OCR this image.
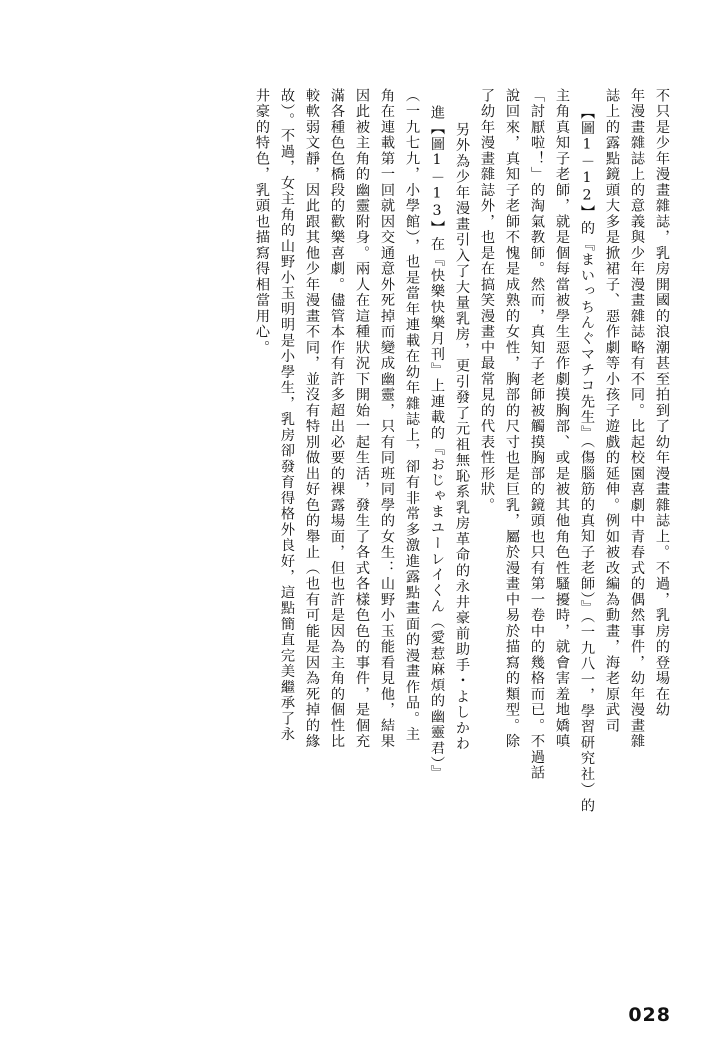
不只是少年漫畫雜誌，乳房開國的浪潮甚至拍到了幼年漫畫雜誌上。不過，乳房的登場在幼
年漫畫雜誌上的意義與少年漫畫雜誌略有不同。比起校園喜劇中青春式的偶然事件，幼年漫畫雜
誌上的露點鏡頭大多是掀裙子、惡作劇等小孩子遊戲的延伸。例如被改編為動畫，海老原武司
【圖1－12】的『まいっちんぐマチコ先生』（傷腦筋的真知子老師）』（一九八一，學習研究社）的
主角真知子老師，就是個每當被學生惡作劇摸胸部、或是被其他角色性騷擾時，就會害羞地嬌嗔
「討厭啦！」的淘氣教師。然而，真知子老師被觸摸胸部的鏡頭也只有第一卷中的幾格而已。不過話
說回來，真知子老師不愧是成熟的女性，胸部的尺寸也是巨乳，屬於漫畫中易於描寫的類型。除
了幼年漫畫雜誌外，也是在搞笑漫畫中最常見的代表性形狀。
另外為少年漫畫引入了大量乳房，更引發了元祖無恥系乳房革命的永井豪前助手・よしかわ
進【圖1－13】在『快樂快樂月刊』上連載的『おじゃまユーレイくん（愛惹麻煩的幽靈君）』
（一九七九，小學館），也是當年連載在幼年雜誌上，卻有非常多激進露點畫面的漫畫作品。主
角在連載第一回就因交通意外死掉而變成幽靈，只有同班同學的女生：山野小玉能看見他，結果
因此被主角的幽靈附身。兩人在這種狀況下開始一起生活，發生了各式各樣色色的事件，是個充
滿各種色色橋段的歡樂喜劇。儘管本作有許多超出必要的裸露場面，但也許是因為主角的個性比
較軟弱文靜，因此跟其他少年漫畫不同，並沒有特別做出好色的舉止（也有可能是因為死掉的緣
故）。不過，女主角的山野小玉明明是小學生，乳房卻發育得格外良好，這點簡直完美繼承了永
井豪的特色，乳頭也描寫得相當用心。
028
